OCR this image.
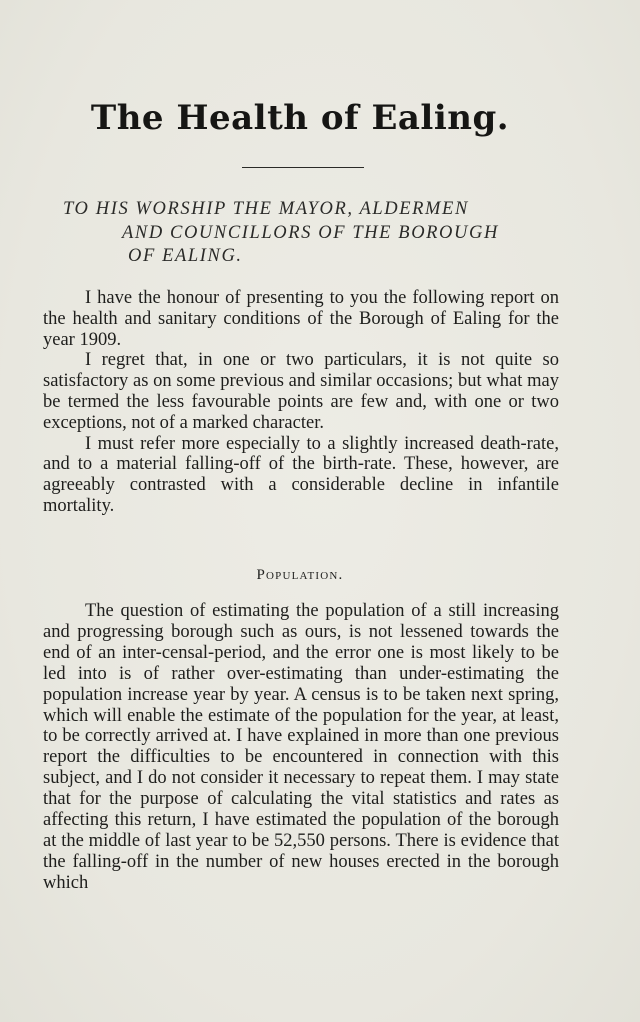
The Health of Ealing.
TO HIS WORSHIP THE MAYOR, ALDERMEN
AND COUNCILLORS OF THE BOROUGH
OF EALING.

I have the honour of presenting to you the following report on the health and sanitary conditions of the Borough of Ealing for the year 1909.

I regret that, in one or two particulars, it is not quite so satisfactory as on some previous and similar occasions; but what may be termed the less favourable points are few and, with one or two exceptions, not of a marked character.

I must refer more especially to a slightly increased death-rate, and to a material falling-off of the birth-rate. These, however, are agreeably contrasted with a considerable decline in infantile mortality.

Population.

The question of estimating the population of a still increasing and progressing borough such as ours, is not lessened towards the end of an inter-censal-period, and the error one is most likely to be led into is of rather over-estimating than under-estimating the population increase year by year. A census is to be taken next spring, which will enable the estimate of the population for the year, at least, to be correctly arrived at. I have explained in more than one previous report the difficulties to be encountered in connection with this subject, and I do not consider it necessary to repeat them. I may state that for the purpose of calculating the vital statistics and rates as affecting this return, I have estimated the population of the borough at the middle of last year to be 52,550 persons. There is evidence that the falling-off in the number of new houses erected in the borough which
